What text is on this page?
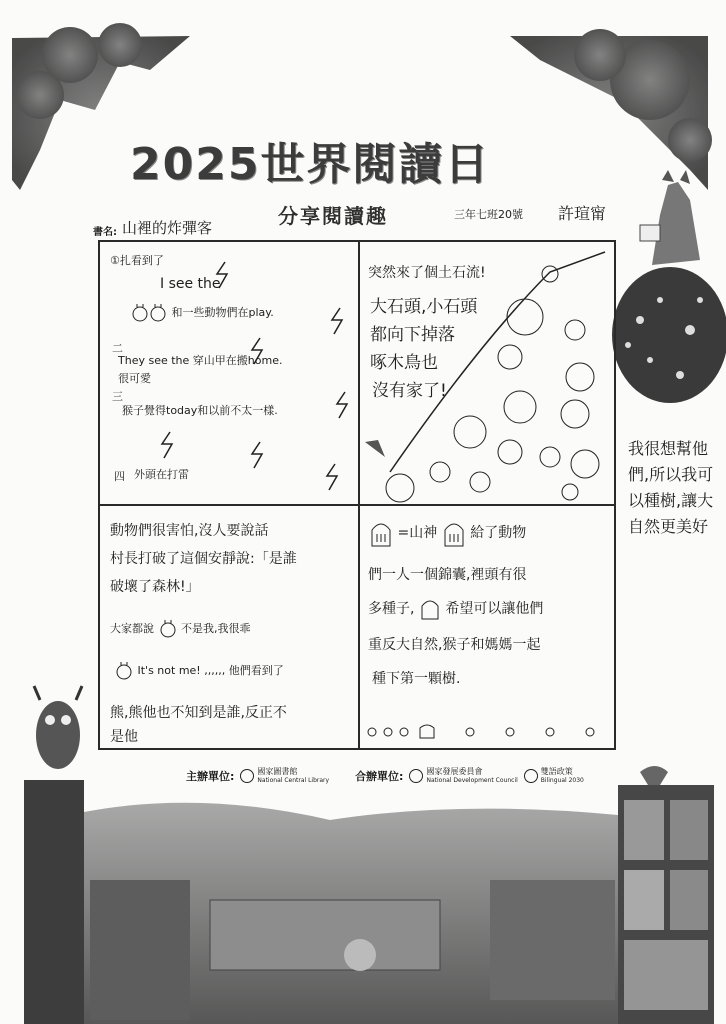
2025世界閱讀日
分享閱讀趣	三年七班20號 許瑄甯
書名: 山裡的炸彈客
①扎看到了
I see the
和一些動物們在play.
二
They see the 穿山甲在搬home.
很可愛
三
猴子覺得today和以前不太一樣.
四 外頭在打雷
突然來了個土石流!
大石頭,小石頭
都向下掉落
啄木鳥也
沒有家了!
動物們很害怕,沒人要說話
村長打破了這個安靜說:「是誰
破壞了森林!」
大家都說 不是我,我很乖
It's not me! ,,,,,, 他們看到了
熊,熊他也不知到是誰,反正不
是他
=山神 給了動物
們一人一個錦囊,裡頭有很
多種子, 希望可以讓他們
重反大自然,猴子和媽媽一起
種下第一顆樹.
我很想幫他們,所以我可以種樹,讓大自然更美好
主辦單位:	國家圖書館
National Central Library 合辦單位:	國家發展委員會
National Development Council
雙語政策
Bilingual 2030
